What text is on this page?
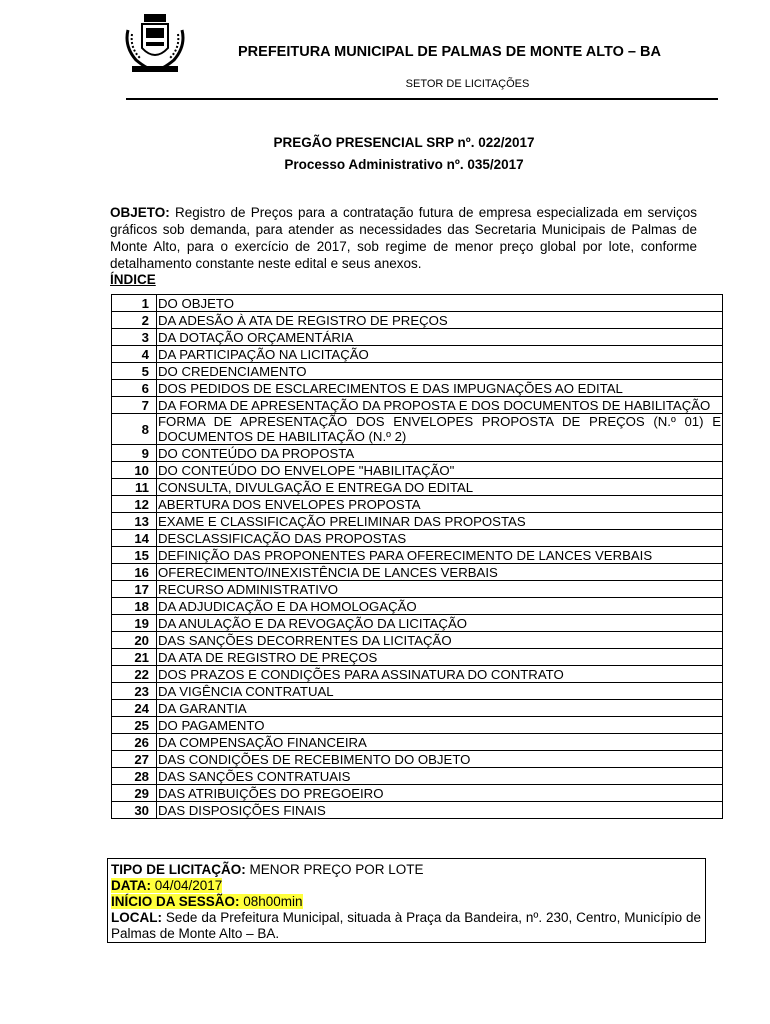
PREFEITURA MUNICIPAL DE PALMAS DE MONTE ALTO – BA
SETOR DE LICITAÇÕES
PREGÃO PRESENCIAL SRP nº. 022/2017
Processo Administrativo nº. 035/2017
OBJETO: Registro de Preços para a contratação futura de empresa especializada em serviços gráficos sob demanda, para atender as necessidades das Secretaria Municipais de Palmas de Monte Alto, para o exercício de 2017, sob regime de menor preço global por lote, conforme detalhamento constante neste edital e seus anexos.
ÍNDICE
1	DO OBJETO
2	DA ADESÃO À ATA DE REGISTRO DE PREÇOS
3	DA DOTAÇÃO ORÇAMENTÁRIA
4	DA PARTICIPAÇÃO NA LICITAÇÃO
5	DO CREDENCIAMENTO
6	DOS PEDIDOS DE ESCLARECIMENTOS E DAS IMPUGNAÇÕES AO EDITAL
7	DA FORMA DE APRESENTAÇÃO DA PROPOSTA E DOS DOCUMENTOS DE HABILITAÇÃO
8	FORMA DE APRESENTAÇÃO DOS ENVELOPES PROPOSTA DE PREÇOS (N.º 01) E DOCUMENTOS DE HABILITAÇÃO (N.º 2)
9	DO CONTEÚDO DA PROPOSTA
10	DO CONTEÚDO DO ENVELOPE "HABILITAÇÃO"
11	CONSULTA, DIVULGAÇÃO E ENTREGA DO EDITAL
12	ABERTURA DOS ENVELOPES PROPOSTA
13	EXAME E CLASSIFICAÇÃO PRELIMINAR DAS PROPOSTAS
14	DESCLASSIFICAÇÃO DAS PROPOSTAS
15	DEFINIÇÃO DAS PROPONENTES PARA OFERECIMENTO DE LANCES VERBAIS
16	OFERECIMENTO/INEXISTÊNCIA DE LANCES VERBAIS
17	RECURSO ADMINISTRATIVO
18	DA ADJUDICAÇÃO E DA HOMOLOGAÇÃO
19	DA ANULAÇÃO E DA REVOGAÇÃO DA LICITAÇÃO
20	DAS SANÇÕES DECORRENTES DA LICITAÇÃO
21	DA ATA DE REGISTRO DE PREÇOS
22	DOS PRAZOS E CONDIÇÕES PARA ASSINATURA DO CONTRATO
23	DA VIGÊNCIA CONTRATUAL
24	DA GARANTIA
25	DO PAGAMENTO
26	DA COMPENSAÇÃO FINANCEIRA
27	DAS CONDIÇÕES DE RECEBIMENTO DO OBJETO
28	DAS SANÇÕES CONTRATUAIS
29	DAS ATRIBUIÇÕES DO PREGOEIRO
30	DAS DISPOSIÇÕES FINAIS
TIPO DE LICITAÇÃO: MENOR PREÇO POR LOTE
DATA: 04/04/2017
INÍCIO DA SESSÃO: 08h00min
LOCAL: Sede da Prefeitura Municipal, situada à Praça da Bandeira, nº. 230, Centro, Município de Palmas de Monte Alto – BA.
